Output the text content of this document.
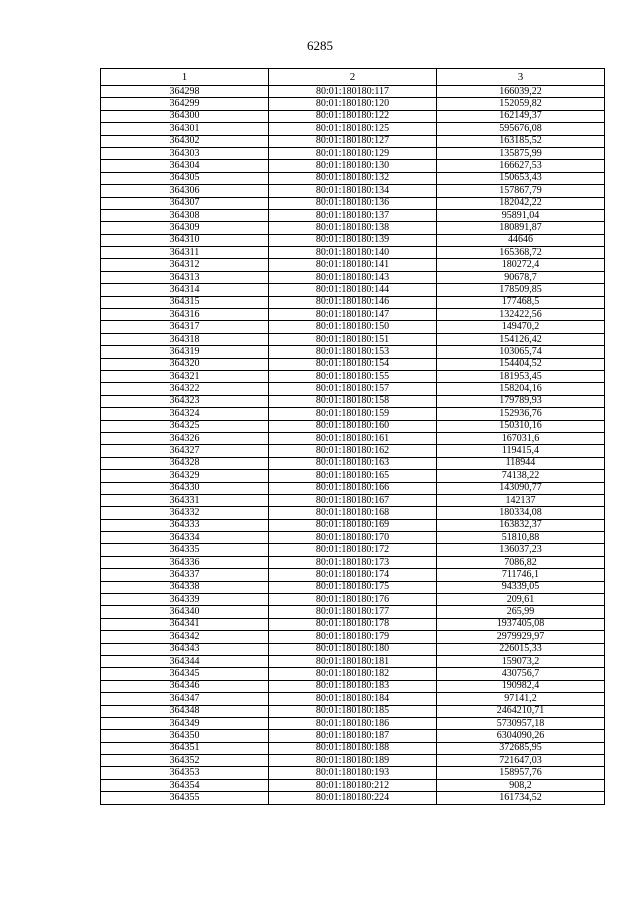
6285
1	2	3
364298	80:01:180180:117	166039,22
364299	80:01:180180:120	152059,82
364300	80:01:180180:122	162149,37
364301	80:01:180180:125	595676,08
364302	80:01:180180:127	163185,52
364303	80:01:180180:129	135875,99
364304	80:01:180180:130	166627,53
364305	80:01:180180:132	150653,43
364306	80:01:180180:134	157867,79
364307	80:01:180180:136	182042,22
364308	80:01:180180:137	95891,04
364309	80:01:180180:138	180891,87
364310	80:01:180180:139	44646
364311	80:01:180180:140	165368,72
364312	80:01:180180:141	180272,4
364313	80:01:180180:143	90678,7
364314	80:01:180180:144	178509,85
364315	80:01:180180:146	177468,5
364316	80:01:180180:147	132422,56
364317	80:01:180180:150	149470,2
364318	80:01:180180:151	154126,42
364319	80:01:180180:153	103065,74
364320	80:01:180180:154	154404,52
364321	80:01:180180:155	181953,45
364322	80:01:180180:157	158204,16
364323	80:01:180180:158	179789,93
364324	80:01:180180:159	152936,76
364325	80:01:180180:160	150310,16
364326	80:01:180180:161	167031,6
364327	80:01:180180:162	119415,4
364328	80:01:180180:163	118944
364329	80:01:180180:165	74138,22
364330	80:01:180180:166	143090,77
364331	80:01:180180:167	142137
364332	80:01:180180:168	180334,08
364333	80:01:180180:169	163832,37
364334	80:01:180180:170	51810,88
364335	80:01:180180:172	136037,23
364336	80:01:180180:173	7086,82
364337	80:01:180180:174	711746,1
364338	80:01:180180:175	94339,05
364339	80:01:180180:176	209,61
364340	80:01:180180:177	265,99
364341	80:01:180180:178	1937405,08
364342	80:01:180180:179	2979929,97
364343	80:01:180180:180	226015,33
364344	80:01:180180:181	159073,2
364345	80:01:180180:182	430756,7
364346	80:01:180180:183	190982,4
364347	80:01:180180:184	97141,2
364348	80:01:180180:185	2464210,71
364349	80:01:180180:186	5730957,18
364350	80:01:180180:187	6304090,26
364351	80:01:180180:188	372685,95
364352	80:01:180180:189	721647,03
364353	80:01:180180:193	158957,76
364354	80:01:180180:212	908,2
364355	80:01:180180:224	161734,52
